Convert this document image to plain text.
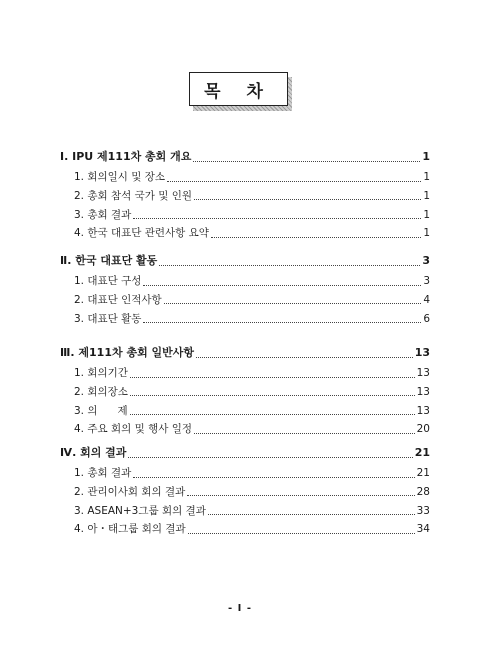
목 차
Ⅰ. IPU 제111차 총회 개요	1
1. 회의일시 및 장소	1
2. 총회 참석 국가 및 인원	1
3. 총회 결과	1
4. 한국 대표단 관련사항 요약	1
Ⅱ. 한국 대표단 활동	3
1. 대표단 구성	3
2. 대표단 인적사항	4
3. 대표단 활동	6
Ⅲ. 제111차 총회 일반사항	13
1. 회의기간	13
2. 회의장소	13
3. 의      제	13
4. 주요 회의 및 행사 일정	20
Ⅳ. 회의 결과	21
1. 총회 결과	21
2. 관리이사회 회의 결과	28
3. ASEAN+3그룹 회의 결과	33
4. 아・태그룹 회의 결과	34
- I -
